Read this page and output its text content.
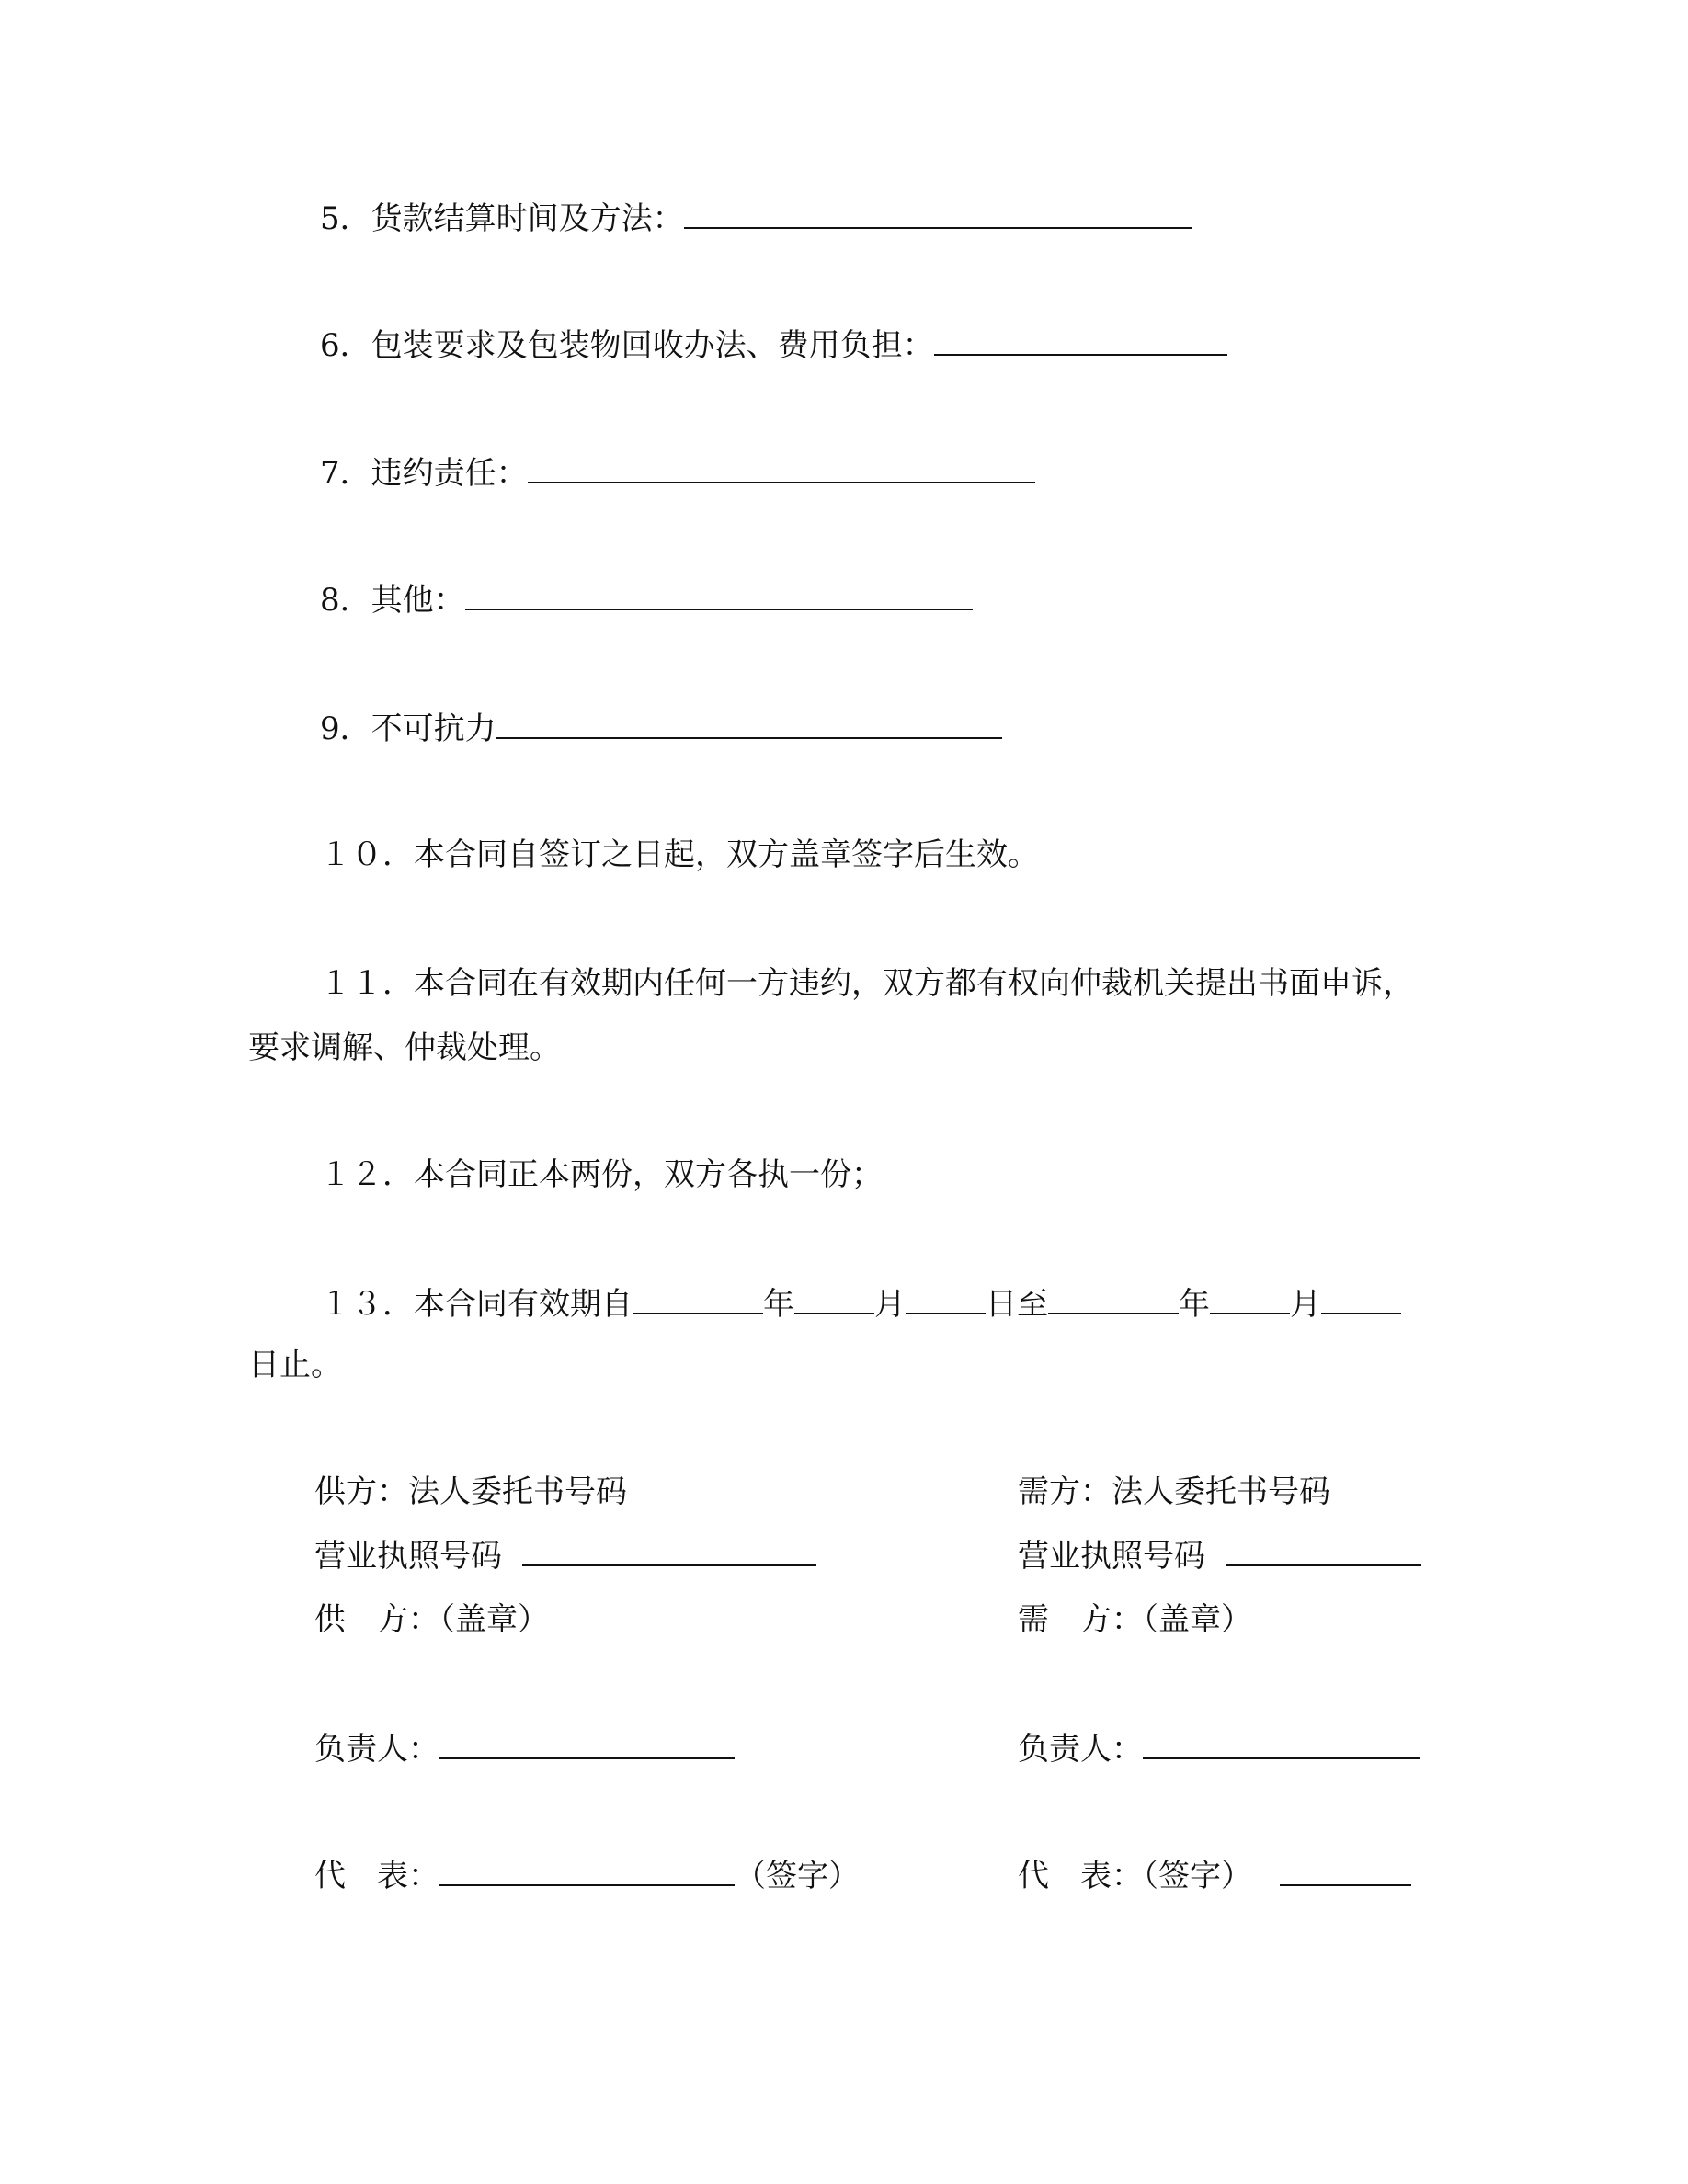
5．货款结算时间及方法：
6．包装要求及包装物回收办法、费用负担：
7．违约责任：
8．其他：
9．不可抗力
１０．本合同自签订之日起，双方盖章签字后生效。
１１．本合同在有效期内任何一方违约，双方都有权向仲裁机关提出书面申诉，
要求调解、仲裁处理。
１２．本合同正本两份，双方各执一份；
１３．本合同有效期自	年	月	日至	年	月
日止。
供方：法人委托书号码
营业执照号码
供　方：（盖章）
负责人：
代　表：	（签字）
需方：法人委托书号码
营业执照号码
需　方：（盖章）
负责人：
代　表：（签字）
